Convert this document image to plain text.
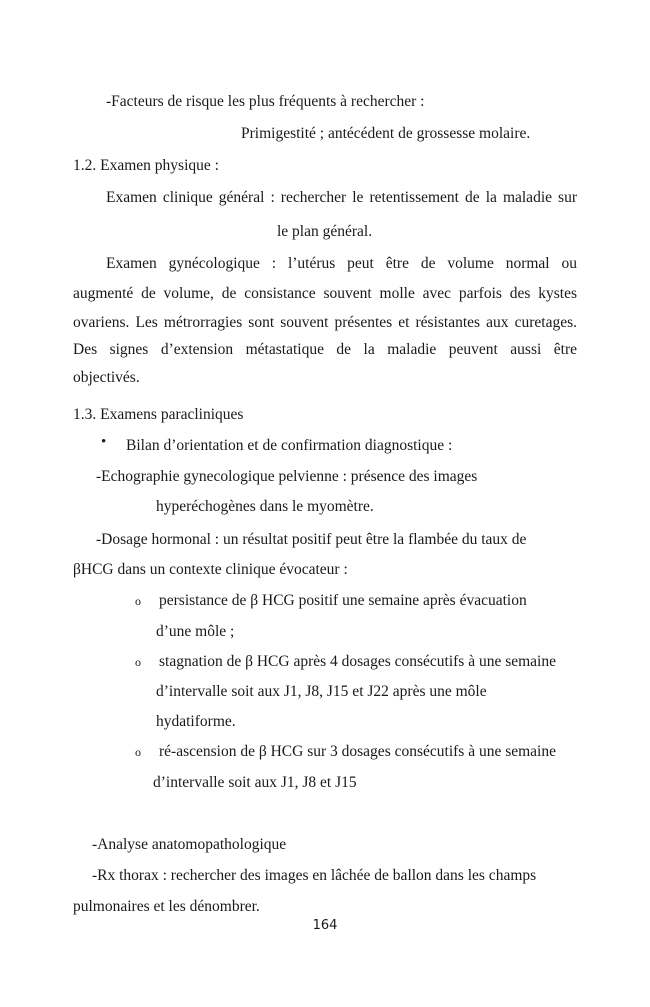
-Facteurs de risque les plus fréquents à rechercher :
Primigestité ; antécédent de grossesse molaire.
1.2. Examen physique :
Examen clinique général : rechercher le retentissement de la maladie sur
le plan général.
Examen gynécologique : l’utérus peut être de volume normal ou
augmenté de volume, de consistance souvent molle avec parfois des kystes
ovariens. Les métrorragies sont souvent présentes et résistantes aux curetages.
Des signes d’extension métastatique de la maladie peuvent aussi être
objectivés.
1.3. Examens paracliniques
• Bilan d’orientation et de confirmation diagnostique :
-Echographie gynecologique pelvienne : présence des images
hyperéchogènes dans le myomètre.
-Dosage hormonal : un résultat positif peut être la flambée du taux de
βHCG dans un contexte clinique évocateur :
o persistance de β HCG positif une semaine après évacuation
d’une môle ;
o stagnation de β HCG après 4 dosages consécutifs à une semaine
d’intervalle soit aux J1, J8, J15 et J22 après une môle
hydatiforme.
o ré-ascension de β HCG sur 3 dosages consécutifs à une semaine
d’intervalle soit aux J1, J8 et J15
-Analyse anatomopathologique
-Rx thorax : rechercher des images en lâchée de ballon dans les champs
pulmonaires et les dénombrer.
164
